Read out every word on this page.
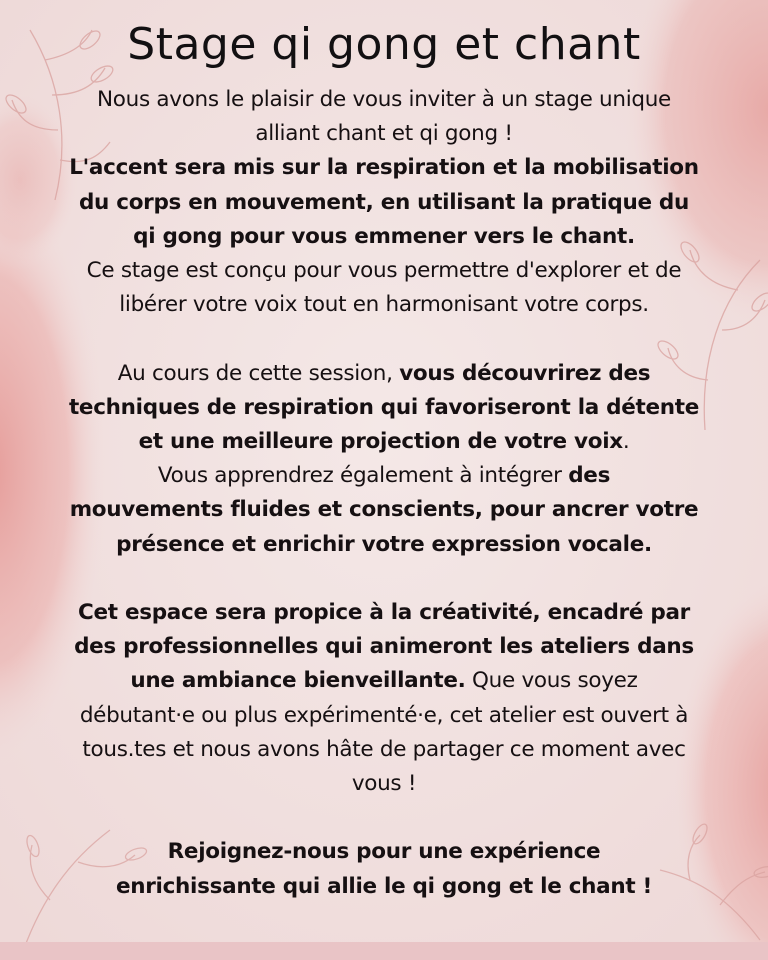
Stage qi gong et chant

Nous avons le plaisir de vous inviter à un stage unique
alliant chant et qi gong !

L'accent sera mis sur la respiration et la mobilisation
du corps en mouvement, en utilisant la pratique du
qi gong pour vous emmener vers le chant.

Ce stage est conçu pour vous permettre d'explorer et de
libérer votre voix tout en harmonisant votre corps.

Au cours de cette session, vous découvrirez des
techniques de respiration qui favoriseront la détente
et une meilleure projection de votre voix.

Vous apprendrez également à intégrer des
mouvements fluides et conscients, pour ancrer votre
présence et enrichir votre expression vocale.

Cet espace sera propice à la créativité, encadré par
des professionnelles qui animeront les ateliers dans
une ambiance bienveillante. Que vous soyez
débutant·e ou plus expérimenté·e, cet atelier est ouvert à
tous.tes et nous avons hâte de partager ce moment avec
vous !

Rejoignez-nous pour une expérience
enrichissante qui allie le qi gong et le chant !
